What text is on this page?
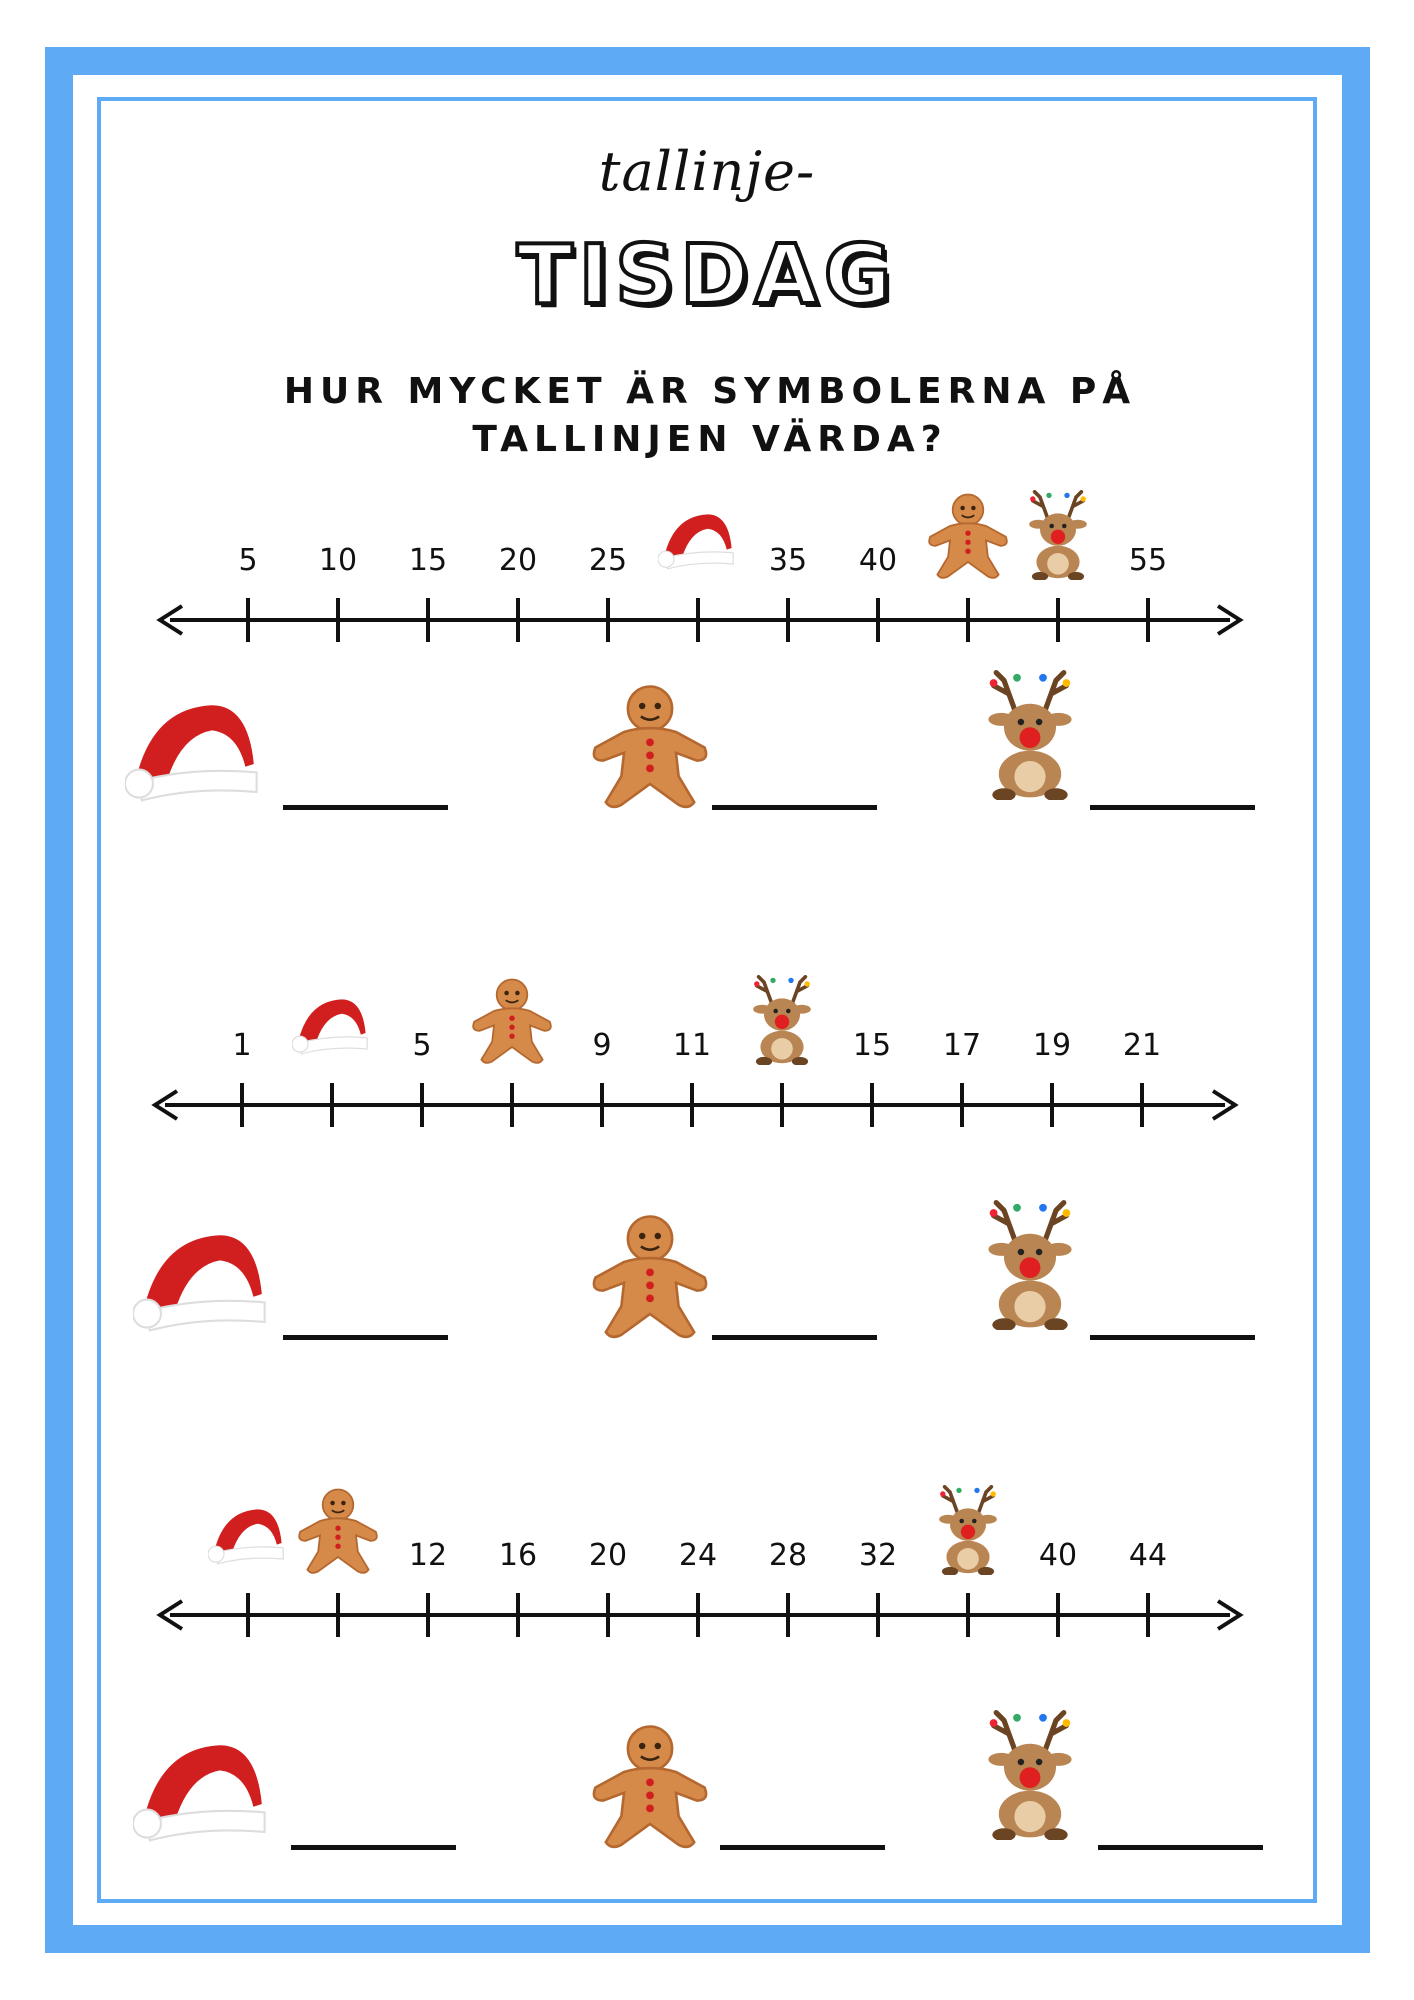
tallinje-
TISDAG
HUR MYCKET ÄR SYMBOLERNA PÅ TALLINJEN VÄRDA?
5 10 15 20 25	35 40	55
1	5	9 11	15 17 19 21
12 16 20 24 28 32	40 44
